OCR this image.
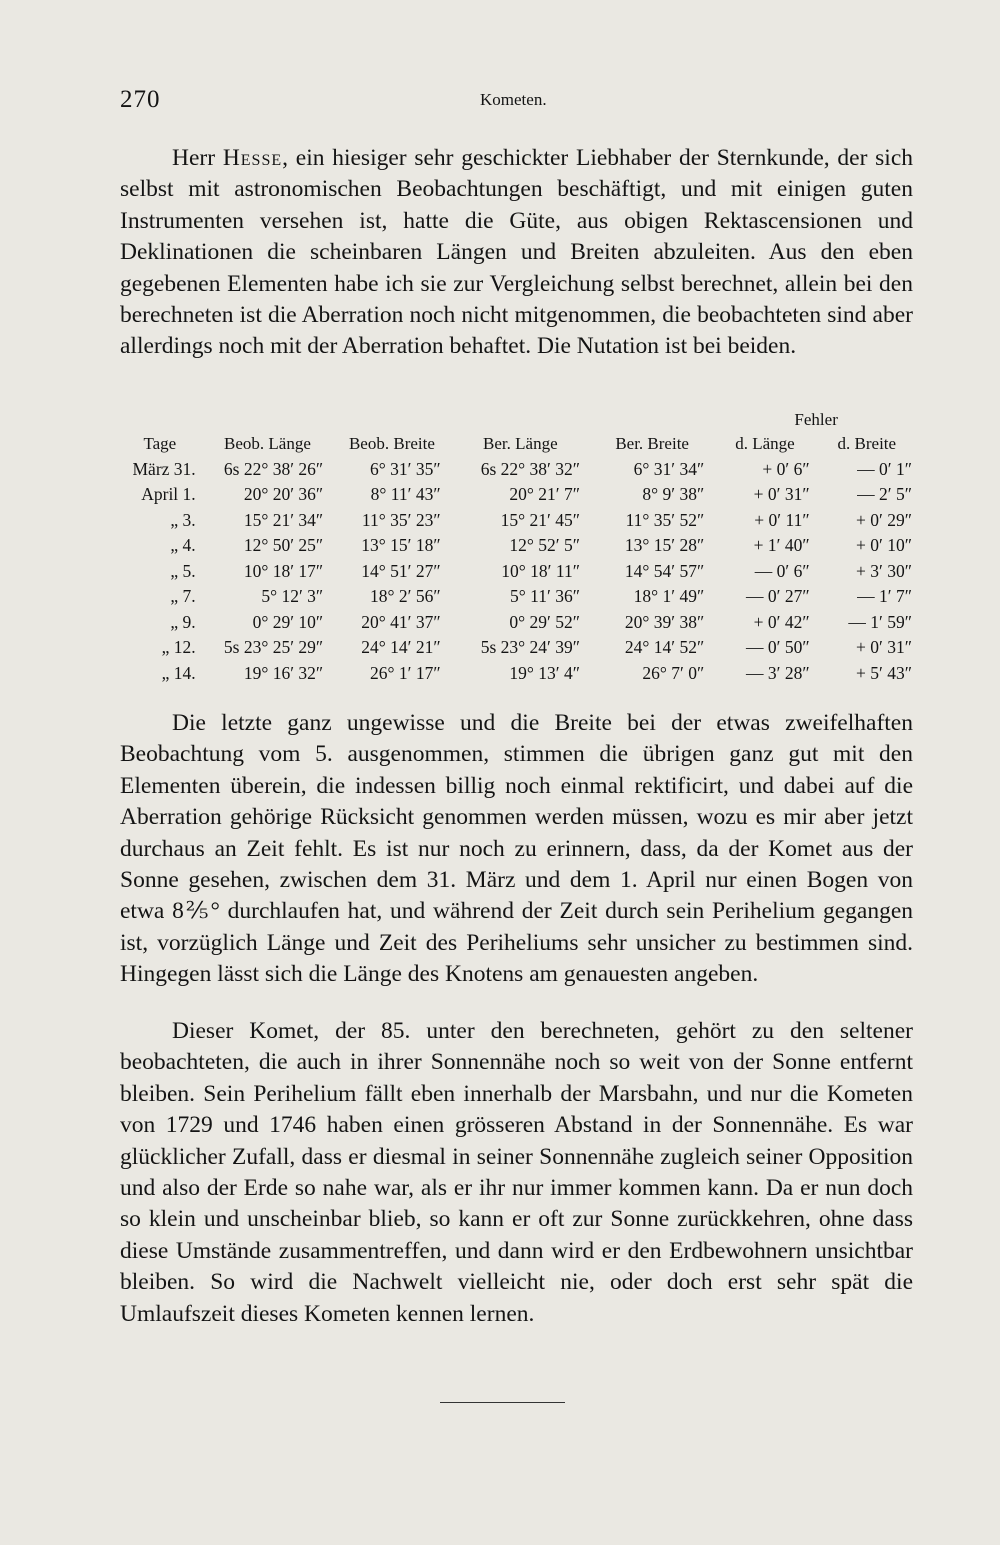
270	Kometen.

Herr Hesse, ein hiesiger sehr geschickter Liebhaber der Sternkunde, der sich selbst mit astronomischen Beobachtungen beschäftigt, und mit einigen guten Instrumenten versehen ist, hatte die Güte, aus obigen Rektascensionen und Deklinationen die scheinbaren Längen und Breiten abzuleiten. Aus den eben gegebenen Elementen habe ich sie zur Vergleichung selbst berechnet, allein bei den berechneten ist die Aberration noch nicht mitgenommen, die beobachteten sind aber allerdings noch mit der Aberration behaftet. Die Nutation ist bei beiden.

					Fehler	
Tage	Beob. Länge	Beob. Breite	Ber. Länge	Ber. Breite	d. Länge	d. Breite
März 31.	6s 22° 38′ 26″	6° 31′ 35″	6s 22° 38′ 32″	6° 31′ 34″	+ 0′ 6″	— 0′ 1″
April 1.	20° 20′ 36″	8° 11′ 43″	20° 21′ 7″	8° 9′ 38″	+ 0′ 31″	— 2′ 5″
„ 3.	15° 21′ 34″	11° 35′ 23″	15° 21′ 45″	11° 35′ 52″	+ 0′ 11″	+ 0′ 29″
„ 4.	12° 50′ 25″	13° 15′ 18″	12° 52′ 5″	13° 15′ 28″	+ 1′ 40″	+ 0′ 10″
„ 5.	10° 18′ 17″	14° 51′ 27″	10° 18′ 11″	14° 54′ 57″	— 0′ 6″	+ 3′ 30″
„ 7.	5° 12′ 3″	18° 2′ 56″	5° 11′ 36″	18° 1′ 49″	— 0′ 27″	— 1′ 7″
„ 9.	0° 29′ 10″	20° 41′ 37″	0° 29′ 52″	20° 39′ 38″	+ 0′ 42″	— 1′ 59″
„ 12.	5s 23° 25′ 29″	24° 14′ 21″	5s 23° 24′ 39″	24° 14′ 52″	— 0′ 50″	+ 0′ 31″
„ 14.	19° 16′ 32″	26° 1′ 17″	19° 13′ 4″	26° 7′ 0″	— 3′ 28″	+ 5′ 43″

Die letzte ganz ungewisse und die Breite bei der etwas zweifelhaften Beobachtung vom 5. ausgenommen, stimmen die übrigen ganz gut mit den Elementen überein, die indessen billig noch einmal rektificirt, und dabei auf die Aberration gehörige Rücksicht genommen werden müssen, wozu es mir aber jetzt durchaus an Zeit fehlt. Es ist nur noch zu erinnern, dass, da der Komet aus der Sonne gesehen, zwischen dem 31. März und dem 1. April nur einen Bogen von etwa 8⅖° durchlaufen hat, und während der Zeit durch sein Perihelium gegangen ist, vorzüglich Länge und Zeit des Periheliums sehr unsicher zu bestimmen sind. Hingegen lässt sich die Länge des Knotens am genauesten angeben.

Dieser Komet, der 85. unter den berechneten, gehört zu den seltener beobachteten, die auch in ihrer Sonnennähe noch so weit von der Sonne entfernt bleiben. Sein Perihelium fällt eben innerhalb der Marsbahn, und nur die Kometen von 1729 und 1746 haben einen grösseren Abstand in der Sonnennähe. Es war glücklicher Zufall, dass er diesmal in seiner Sonnennähe zugleich seiner Opposition und also der Erde so nahe war, als er ihr nur immer kommen kann. Da er nun doch so klein und unscheinbar blieb, so kann er oft zur Sonne zurückkehren, ohne dass diese Umstände zusammentreffen, und dann wird er den Erdbewohnern unsichtbar bleiben. So wird die Nachwelt vielleicht nie, oder doch erst sehr spät die Umlaufszeit dieses Kometen kennen lernen.
